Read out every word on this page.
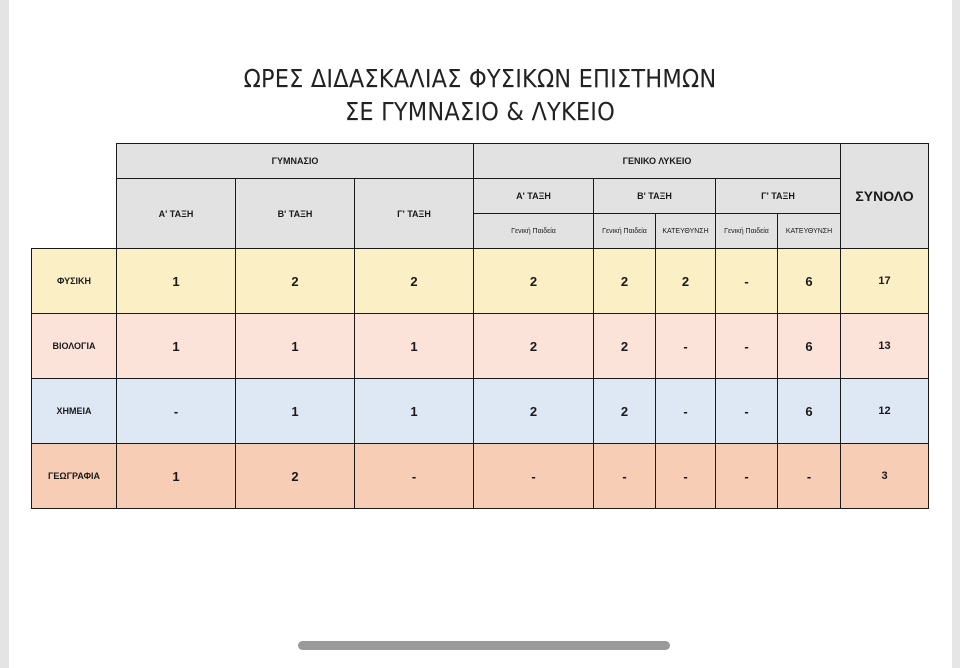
ΩΡΕΣ ΔΙΔΑΣΚΑΛΙΑΣ ΦΥΣΙΚΩΝ ΕΠΙΣΤΗΜΩΝ
ΣΕ ΓΥΜΝΑΣΙΟ & ΛΥΚΕΙΟ
	ΓΥΜΝΑΣΙΟ			ΓΕΝΙΚΟ ΛΥΚΕΙΟ					ΣΥΝΟΛΟ
	Α' ΤΑΞΗ	Β' ΤΑΞΗ	Γ' ΤΑΞΗ	Α' ΤΑΞΗ	Β' ΤΑΞΗ		Γ' ΤΑΞΗ		
				Γενική Παιδεία	Γενική Παιδεία	ΚΑΤΕΥΘΥΝΣΗ	Γενική Παιδεία	ΚΑΤΕΥΘΥΝΣΗ	
ΦΥΣΙΚΗ	1	2	2	2	2	2	-	6	17
ΒΙΟΛΟΓΙΑ	1	1	1	2	2	-	-	6	13
ΧΗΜΕΙΑ	-	1	1	2	2	-	-	6	12
ΓΕΩΓΡΑΦΙΑ	1	2	-	-	-	-	-	-	3
